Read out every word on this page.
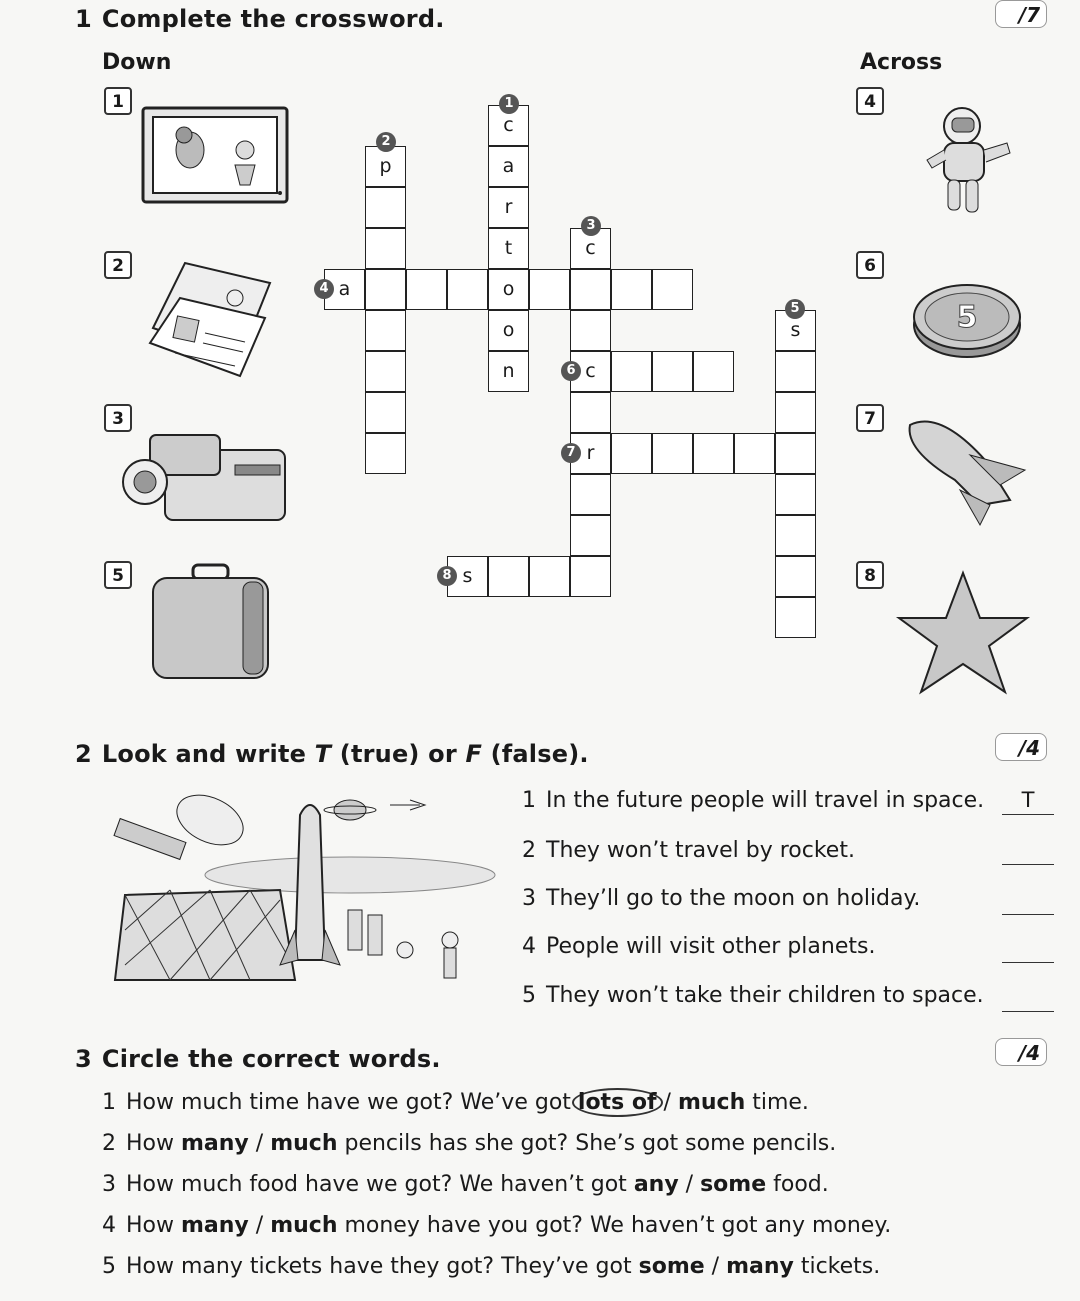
1 Complete the crossword.	/7
Down	Across
1
2
3
5
4
6
7
8
5
c
a
r
t
o
o
n
p
a
c
c
r
s
s
1
2
3
4
5
6
7
8
2 Look and write T (true) or F (false).	/4
1 In the future people will travel in space.	T
2 They won’t travel by rocket.
3 They’ll go to the moon on holiday.
4 People will visit other planets.
5 They won’t take their children to space.
3 Circle the correct words.	/4
1 How much time have we got? We’ve got lots of / much time.
2 How many / much pencils has she got? She’s got some pencils.
3 How much food have we got? We haven’t got any / some food.
4 How many / much money have you got? We haven’t got any money.
5 How many tickets have they got? They’ve got some / many tickets.
